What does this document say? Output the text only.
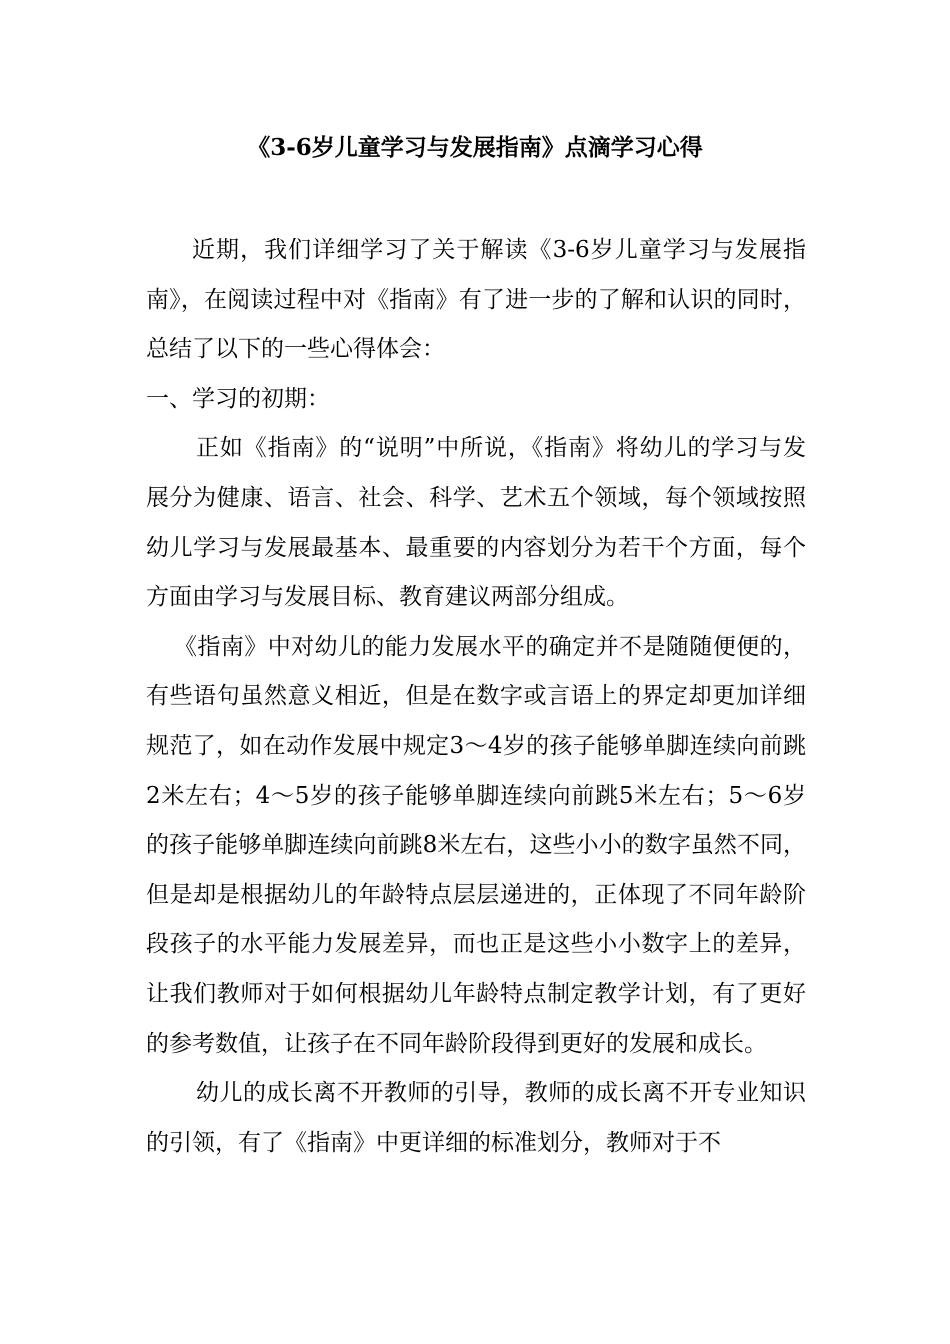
《3-6岁儿童学习与发展指南》点滴学习心得

近期，我们详细学习了关于解读《3-6岁儿童学习与发展指南》，在阅读过程中对《指南》有了进一步的了解和认识的同时，总结了以下的一些心得体会：

一、学习的初期：

正如《指南》的“说明”中所说，《指南》将幼儿的学习与发展分为健康、语言、社会、科学、艺术五个领域，每个领域按照幼儿学习与发展最基本、最重要的内容划分为若干个方面，每个方面由学习与发展目标、教育建议两部分组成。

《指南》中对幼儿的能力发展水平的确定并不是随随便便的，有些语句虽然意义相近，但是在数字或言语上的界定却更加详细规范了，如在动作发展中规定3～4岁的孩子能够单脚连续向前跳2米左右；4～5岁的孩子能够单脚连续向前跳5米左右；5～6岁的孩子能够单脚连续向前跳8米左右，这些小小的数字虽然不同，但是却是根据幼儿的年龄特点层层递进的，正体现了不同年龄阶段孩子的水平能力发展差异，而也正是这些小小数字上的差异，让我们教师对于如何根据幼儿年龄特点制定教学计划，有了更好的参考数值，让孩子在不同年龄阶段得到更好的发展和成长。

幼儿的成长离不开教师的引导，教师的成长离不开专业知识的引领，有了《指南》中更详细的标准划分，教师对于不
